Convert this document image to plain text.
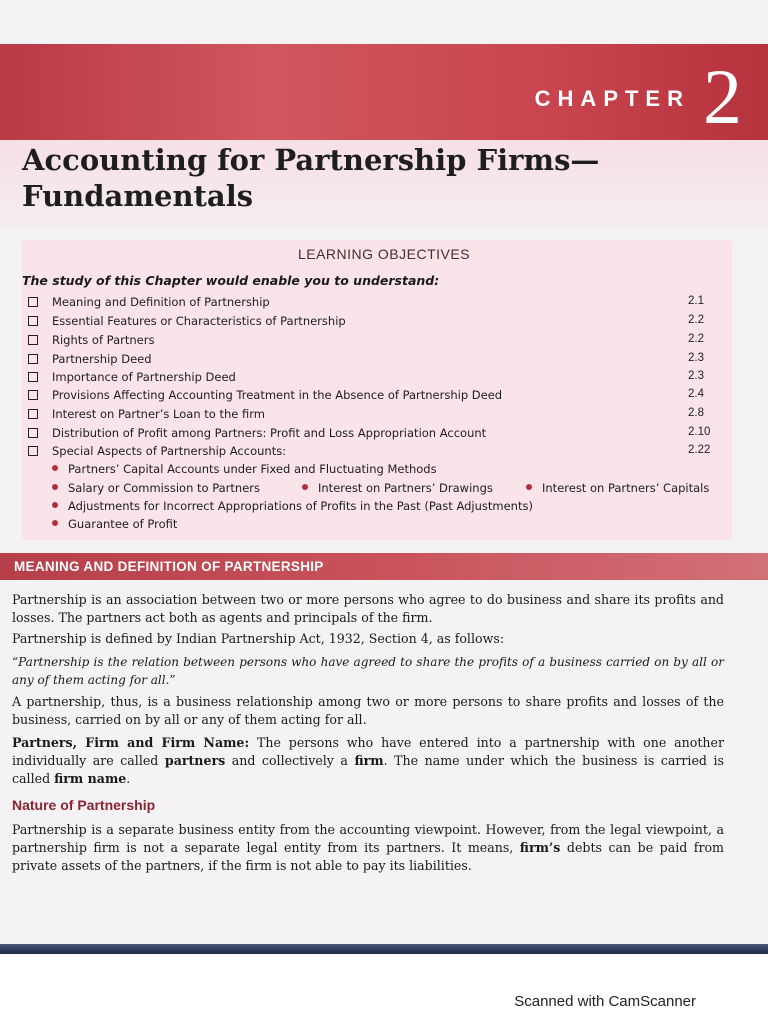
CHAPTER 2
Accounting for Partnership Firms— Fundamentals
LEARNING OBJECTIVES
The study of this Chapter would enable you to understand:
Meaning and Definition of Partnership	2.1
Essential Features or Characteristics of Partnership	2.2
Rights of Partners	2.2
Partnership Deed	2.3
Importance of Partnership Deed	2.3
Provisions Affecting Accounting Treatment in the Absence of Partnership Deed	2.4
Interest on Partner’s Loan to the firm	2.8
Distribution of Profit among Partners: Profit and Loss Appropriation Account	2.10
Special Aspects of Partnership Accounts:	2.22
Partners’ Capital Accounts under Fixed and Fluctuating Methods
Salary or Commission to Partners	Interest on Partners’ Drawings	Interest on Partners’ Capitals
Adjustments for Incorrect Appropriations of Profits in the Past (Past Adjustments)
Guarantee of Profit
MEANING AND DEFINITION OF PARTNERSHIP

Partnership is an association between two or more persons who agree to do business and share its profits and losses. The partners act both as agents and principals of the firm.

Partnership is defined by Indian Partnership Act, 1932, Section 4, as follows:

“Partnership is the relation between persons who have agreed to share the profits of a business carried on by all or any of them acting for all.”

A partnership, thus, is a business relationship among two or more persons to share profits and losses of the business, carried on by all or any of them acting for all.

Partners, Firm and Firm Name: The persons who have entered into a partnership with one another individually are called partners and collectively a firm. The name under which the business is carried is called firm name.

Nature of Partnership

Partnership is a separate business entity from the accounting viewpoint. However, from the legal viewpoint, a partnership firm is not a separate legal entity from its partners. It means, firm’s debts can be paid from private assets of the partners, if the firm is not able to pay its liabilities.

Scanned with CamScanner
